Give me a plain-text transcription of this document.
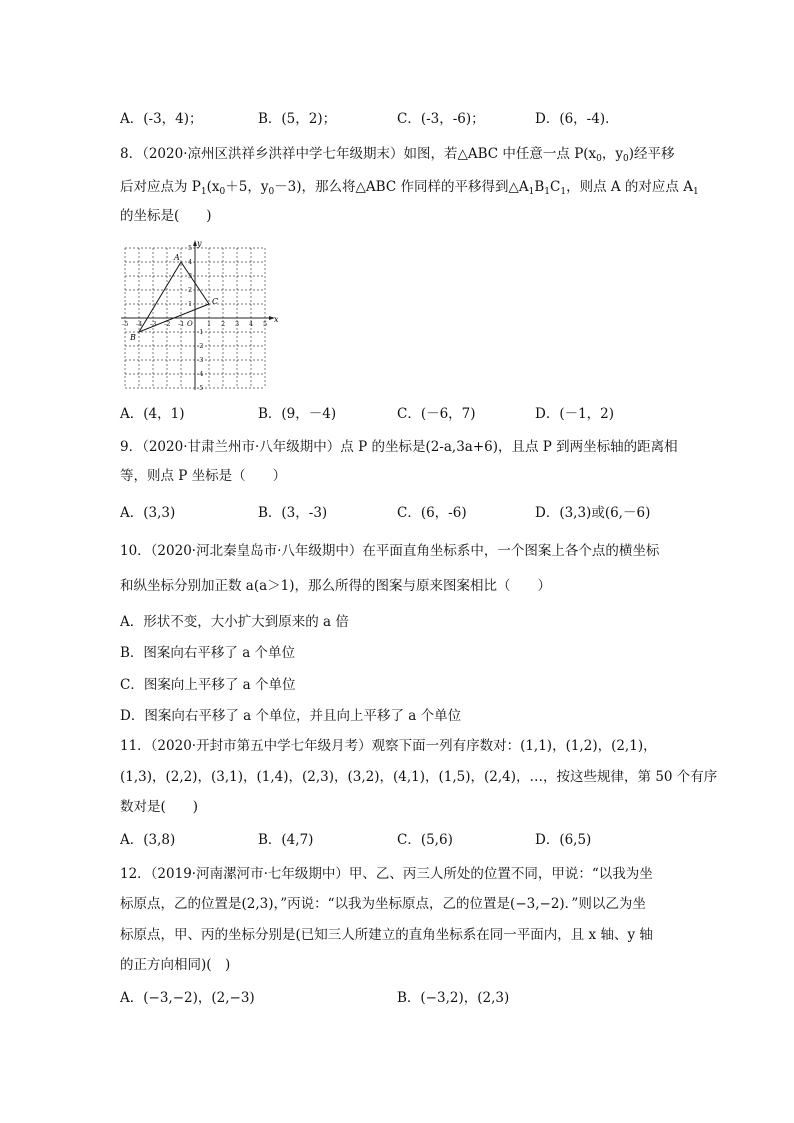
A．(-3，4)；	B．(5，2)；	C．(-3，-6)；	D．(6，-4)．
8．（2020·凉州区洪祥乡洪祥中学七年级期末）如图，若△ABC 中任意一点 $P(x_0$，$y_0$)经平移
后对应点为 $P_1(x_0+5$，$y_0-3$)，那么将△ABC 作同样的平移得到$\triangle A_1B_1C_1$，则点 A 的对应点 $A_1$
的坐标是(　　)
x
y
-5 -4 -3 -2 -1	1 2 3 4 5
5
4
3
2
1
-1
-2
-3
-4
-5
O
A
B
C
A．(4，1)	B．(9，－4)	C．(－6，7)	D．(－1，2)
9．（2020·甘肃兰州市·八年级期中）点 P 的坐标是(2-a,3a+6)，且点 P 到两坐标轴的距离相
等，则点 P 坐标是（　　）
A．(3,3)	B．(3，-3)	C．(6，-6)	D．(3,3)或(6,－6)
10．（2020·河北秦皇岛市·八年级期中）在平面直角坐标系中，一个图案上各个点的横坐标
和纵坐标分别加正数 a(a＞1)，那么所得的图案与原来图案相比（　　）
A．形状不变，大小扩大到原来的 a 倍
B．图案向右平移了 a 个单位
C．图案向上平移了 a 个单位
D．图案向右平移了 a 个单位，并且向上平移了 a 个单位
11．（2020·开封市第五中学七年级月考）观察下面一列有序数对：(1,1)，(1,2)，(2,1)，
(1,3)，(2,2)，(3,1)，(1,4)，(2,3)，(3,2)，(4,1)，(1,5)，(2,4)，…，按这些规律，第 50 个有序
数对是(　　)
A．(3,8)	B．(4,7)	C．(5,6)	D．(6,5)
12．（2019·河南漯河市·七年级期中）甲、乙、丙三人所处的位置不同，甲说：“以我为坐
标原点，乙的位置是(2,3)，”丙说：“以我为坐标原点，乙的位置是(−3,−2)．”则以乙为坐
标原点，甲、丙的坐标分别是(已知三人所建立的直角坐标系在同一平面内，且 x 轴、y 轴
的正方向相同)(　)
A．(−3,−2)，(2,−3)	B．(−3,2)，(2,3)
